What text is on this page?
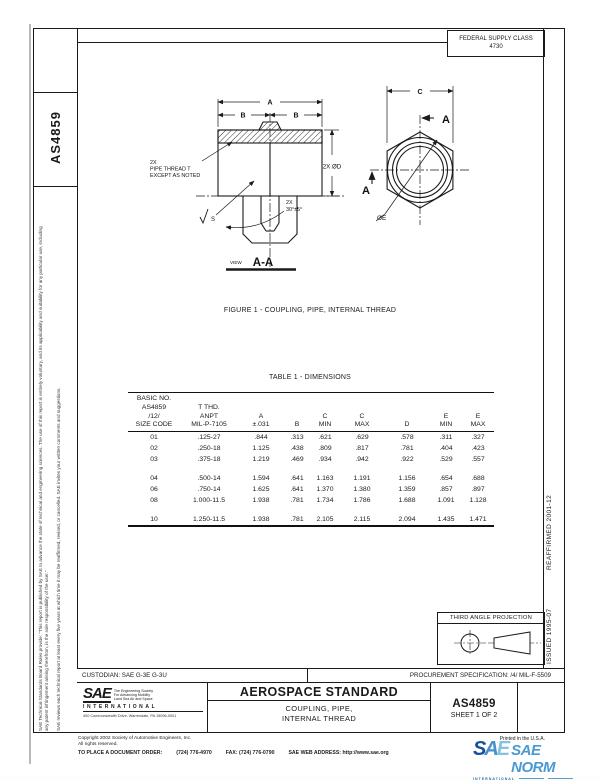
FEDERAL SUPPLY CLASS
4730
AS4859
SAE Technical Standards Board Rules provide: "This report is published by SAE to advance the state of technical and engineering sciences. The use of this report is entirely voluntary, and its applicability and suitability for any particular use, including any patent infringement arising therefrom, is the sole responsibility of the user." SAE reviews each technical report at least every five years at which time it may be reaffirmed, revised, or cancelled. SAE invites your written comments and suggestions.	REAFFIRMED 2001-12
ISSUED 1995-07
A
B	B
2X ØD
C
ØE
2X
PIPE THREAD T
EXCEPT AS NOTED
S
2X
30°±5°
A
A
VIEW A-A
FIGURE 1 - COUPLING, PIPE, INTERNAL THREAD
TABLE 1 - DIMENSIONS
BASIC NO.
AS4859
/12/
SIZE CODE

T THD.
ANPT
MIL-P-7105

A
±.031

	B

C
MIN

C
MAX

	D

E
MIN

E
MAX
01	.125-27	.844	.313	.621	.629	.578	.311	.327
02	.250-18	1.125	.438	.809	.817	.781	.404	.423
03	.375-18	1.219	.469	.934	.942	.922	.529	.557
04	.500-14	1.594	.641	1.163	1.191	1.156	.654	.688
06	.750-14	1.625	.641	1.370	1.380	1.359	.857	.897
08	1.000-11.5	1.938	.781	1.734	1.786	1.688	1.091	1.128
10	1.250-11.5	1.938	.781	2.105	2.115	2.094	1.435	1.471
THIRD ANGLE PROJECTION
CUSTODIAN: SAE G-3E G-3U	PROCUREMENT SPECIFICATION: /4/ MIL-F-5509
SAE The Engineering Society
For Advancing Mobility
Land Sea Air and Space
INTERNATIONAL
400 Commonwealth Drive, Warrendale, PA 15096-0001
AEROSPACE STANDARD
COUPLING, PIPE,
INTERNAL THREAD
AS4859
SHEET 1 OF 2
Copyright 2002 Society of Automotive Engineers, Inc.
All rights reserved.
TO PLACE A DOCUMENT ORDER:	(724) 776-4970	FAX: (724) 776-0790	SAE WEB ADDRESS: http://www.sae.org
Printed in the U.S.A.
SAE SAE NORM
INTERNATIONAL
